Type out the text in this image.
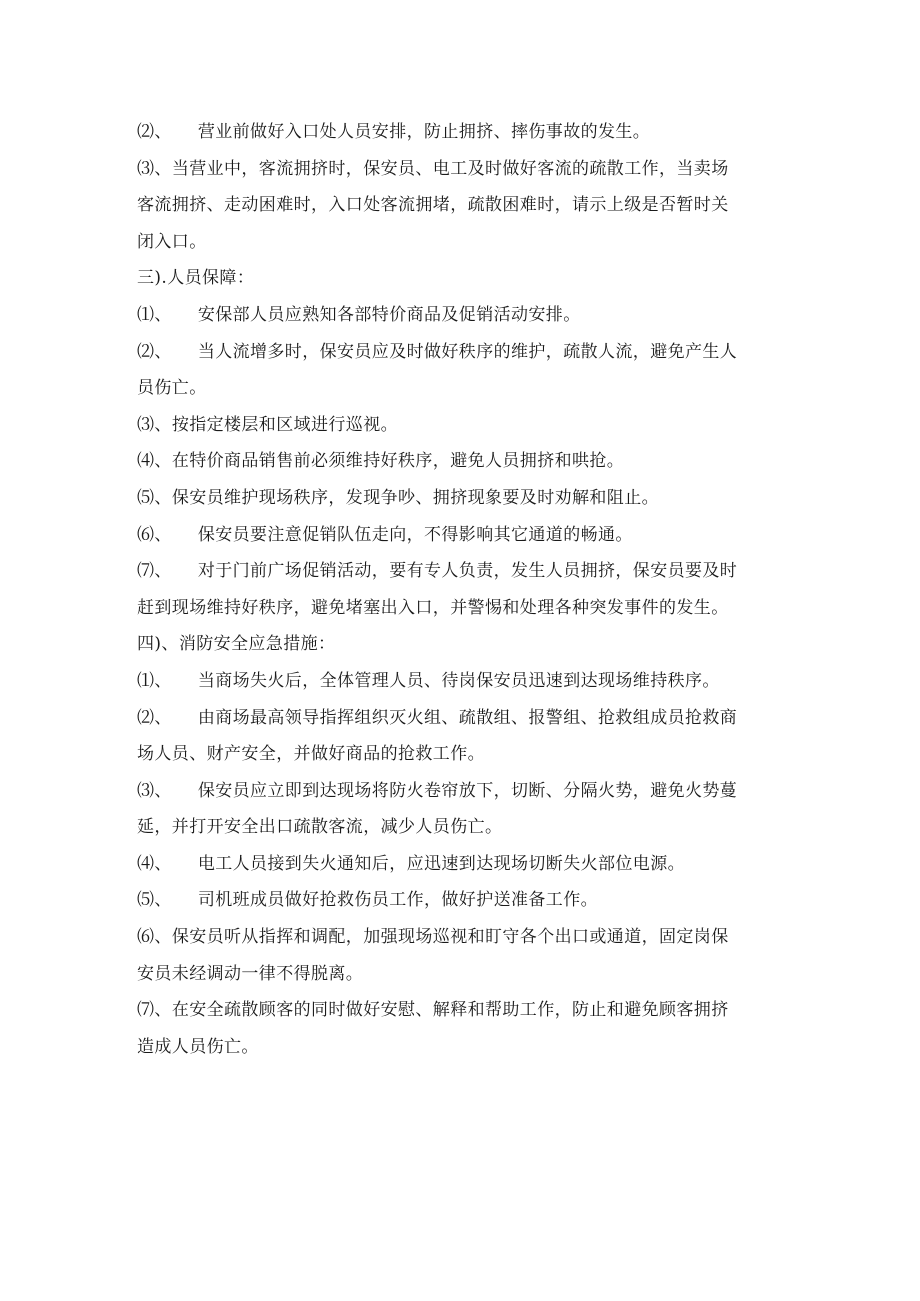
⑵、 营业前做好入口处人员安排，防止拥挤、摔伤事故的发生。
⑶、当营业中，客流拥挤时，保安员、电工及时做好客流的疏散工作，当卖场
客流拥挤、走动困难时，入口处客流拥堵，疏散困难时，请示上级是否暂时关
闭入口。
三).人员保障：
⑴、 安保部人员应熟知各部特价商品及促销活动安排。
⑵、 当人流增多时，保安员应及时做好秩序的维护，疏散人流，避免产生人
员伤亡。
⑶、按指定楼层和区域进行巡视。
⑷、在特价商品销售前必须维持好秩序，避免人员拥挤和哄抢。
⑸、保安员维护现场秩序，发现争吵、拥挤现象要及时劝解和阻止。
⑹、 保安员要注意促销队伍走向，不得影响其它通道的畅通。
⑺、 对于门前广场促销活动，要有专人负责，发生人员拥挤，保安员要及时
赶到现场维持好秩序，避免堵塞出入口，并警惕和处理各种突发事件的发生。
四)、消防安全应急措施：
⑴、 当商场失火后，全体管理人员、待岗保安员迅速到达现场维持秩序。
⑵、 由商场最高领导指挥组织灭火组、疏散组、报警组、抢救组成员抢救商
场人员、财产安全，并做好商品的抢救工作。
⑶、 保安员应立即到达现场将防火卷帘放下，切断、分隔火势，避免火势蔓
延，并打开安全出口疏散客流，减少人员伤亡。
⑷、 电工人员接到失火通知后，应迅速到达现场切断失火部位电源。
⑸、 司机班成员做好抢救伤员工作，做好护送准备工作。
⑹、保安员听从指挥和调配，加强现场巡视和盯守各个出口或通道，固定岗保
安员未经调动一律不得脱离。
⑺、在安全疏散顾客的同时做好安慰、解释和帮助工作，防止和避免顾客拥挤
造成人员伤亡。
